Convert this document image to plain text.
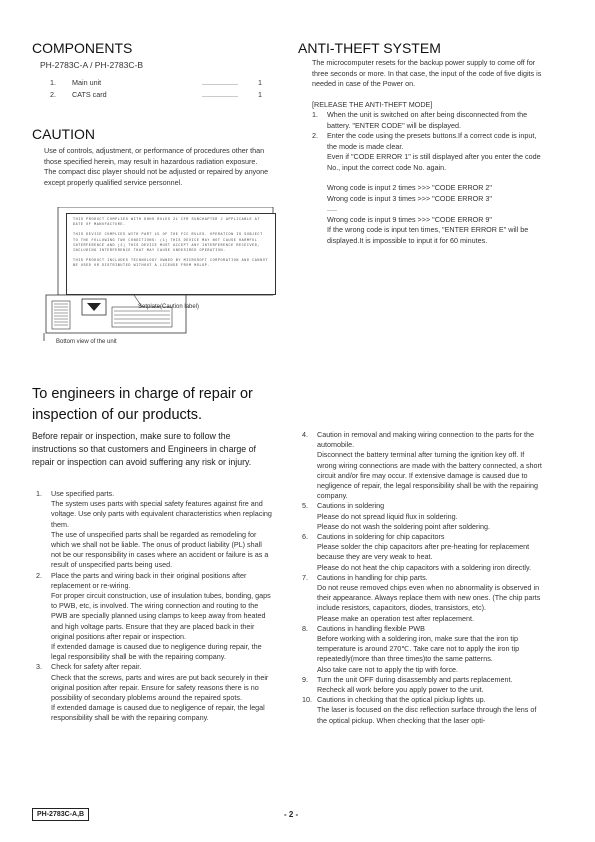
COMPONENTS
PH-2783C-A / PH-2783C-B
1.	Main unit	..................	1
2.	CATS card	..................	1
CAUTION

Use of controls, adjustment, or performance of procedures other than those specified herein, may result in hazardous radiation exposure.

The compact disc player should not be adjusted or repaired by anyone except properly qualified service personnel.

THIS PRODUCT COMPLIES WITH DHHS RULES 21 CFR SUBCHAPTER J APPLICABLE AT DATE OF MANUFACTURE.

THIS DEVICE COMPLIES WITH PART 15 OF THE FCC RULES. OPERATION IS SUBJECT TO THE FOLLOWING TWO CONDITIONS: (1) THIS DEVICE MAY NOT CAUSE HARMFUL INTERFERENCE AND (2) THIS DEVICE MUST ACCEPT ANY INTERFERENCE RECEIVED, INCLUDING INTERFERENCE THAT MAY CAUSE UNDESIRED OPERATION.

THIS PRODUCT INCLUDES TECHNOLOGY OWNED BY MICROSOFT CORPORATION AND CANNOT BE USED OR DISTRIBUTED WITHOUT A LICENSE FROM MSLGP.

Setplate(Caution label)
Bottom view of the unit
ANTI-THEFT SYSTEM

The microcomputer resets for the backup power supply to come off for three seconds or more. In that case, the input of the code of five digits is needed in case of the Power on.

[RELEASE THE ANTI-THEFT MODE]

1. When the unit is switched on after being disconnected from the battery. "ENTER CODE" will be displayed.
2. Enter the code using the presets buttons.If a correct code is input, the mode is made clear.

Even if "CODE ERROR 1" is still displayed after you enter the code No., input the correct code No. again.

Wrong code is input 2 times >>> "CODE ERROR 2"

Wrong code is input 3 times >>> "CODE ERROR 3"

.....

Wrong code is input 9 times >>> "CODE ERROR 9"

If the wrong code is input ten times, "ENTER ERROR E" will be displayed.It is impossible to input it for 60 minutes.

To engineers in charge of repair or inspection of our products.
Before repair or inspection, make sure to follow the instructions so that customers and Engineers in charge of repair or inspection can avoid suffering any risk or injury.
1. Use specified parts.
The system uses parts with special safety features against fire and voltage. Use only parts with equivalent characteristics when replacing them.
The use of unspecified parts shall be regarded as remodeling for which we shall not be liable. The onus of product liability (PL) shall not be our responsibility in cases where an accident or failure is as a result of unspecified parts being used.
2. Place the parts and wiring back in their original positions after replacement or re-wiring.
For proper circuit construction, use of insulation tubes, bonding, gaps to PWB, etc, is involved. The wiring connection and routing to the PWB are specially planned using clamps to keep away from heated and high voltage parts. Ensure that they are placed back in their original positions after repair or inspection.
If extended damage is caused due to negligence during repair, the legal responsibility shall be with the repairing company.
3. Check for safety after repair.
Check that the screws, parts and wires are put back securely in their original position after repair. Ensure for safety reasons there is no possibility of secondary ploblems around the repaired spots.
If extended damage is caused due to negligence of repair, the legal responsibility shall be with the repairing company.
4. Caution in removal and making wiring connection to the parts for the automobile.
Disconnect the battery terminal after turning the ignition key off. If wrong wiring connections are made with the battery connected, a short circuit and/or fire may occur. If extensive damage is caused due to negligence of repair, the legal responsibility shall be with the repairing company.
5. Cautions in soldering
Please do not spread liquid flux in soldering.
Please do not wash the soldering point after soldering.
6. Cautions in soldering for chip capacitors
Please solder the chip capacitors after pre-heating for replacement because they are very weak to heat.
Please do not heat the chip capacitors with a soldering iron directly.
7. Cautions in handling for chip parts.
Do not reuse removed chips even when no abnormality is observed in their appearance. Always replace them with new ones. (The chip parts include resistors, capacitors, diodes, transistors, etc).
Please make an operation test after replacement.
8. Cautions in handling flexible PWB
Before working with a soldering iron, make sure that the iron tip temperature is around 270℃. Take care not to apply the iron tip repeatedly(more than three times)to the same patterns.
Also take care not to apply the tip with force.
9. Turn the unit OFF during disassembly and parts replacement.
Recheck all work before you apply power to the unit.
10. Cautions in checking that the optical pickup lights up.
The laser is focused on the disc reflection surface through the lens of the optical pickup. When checking that the laser opti-
PH-2783C-A,B	- 2 -
